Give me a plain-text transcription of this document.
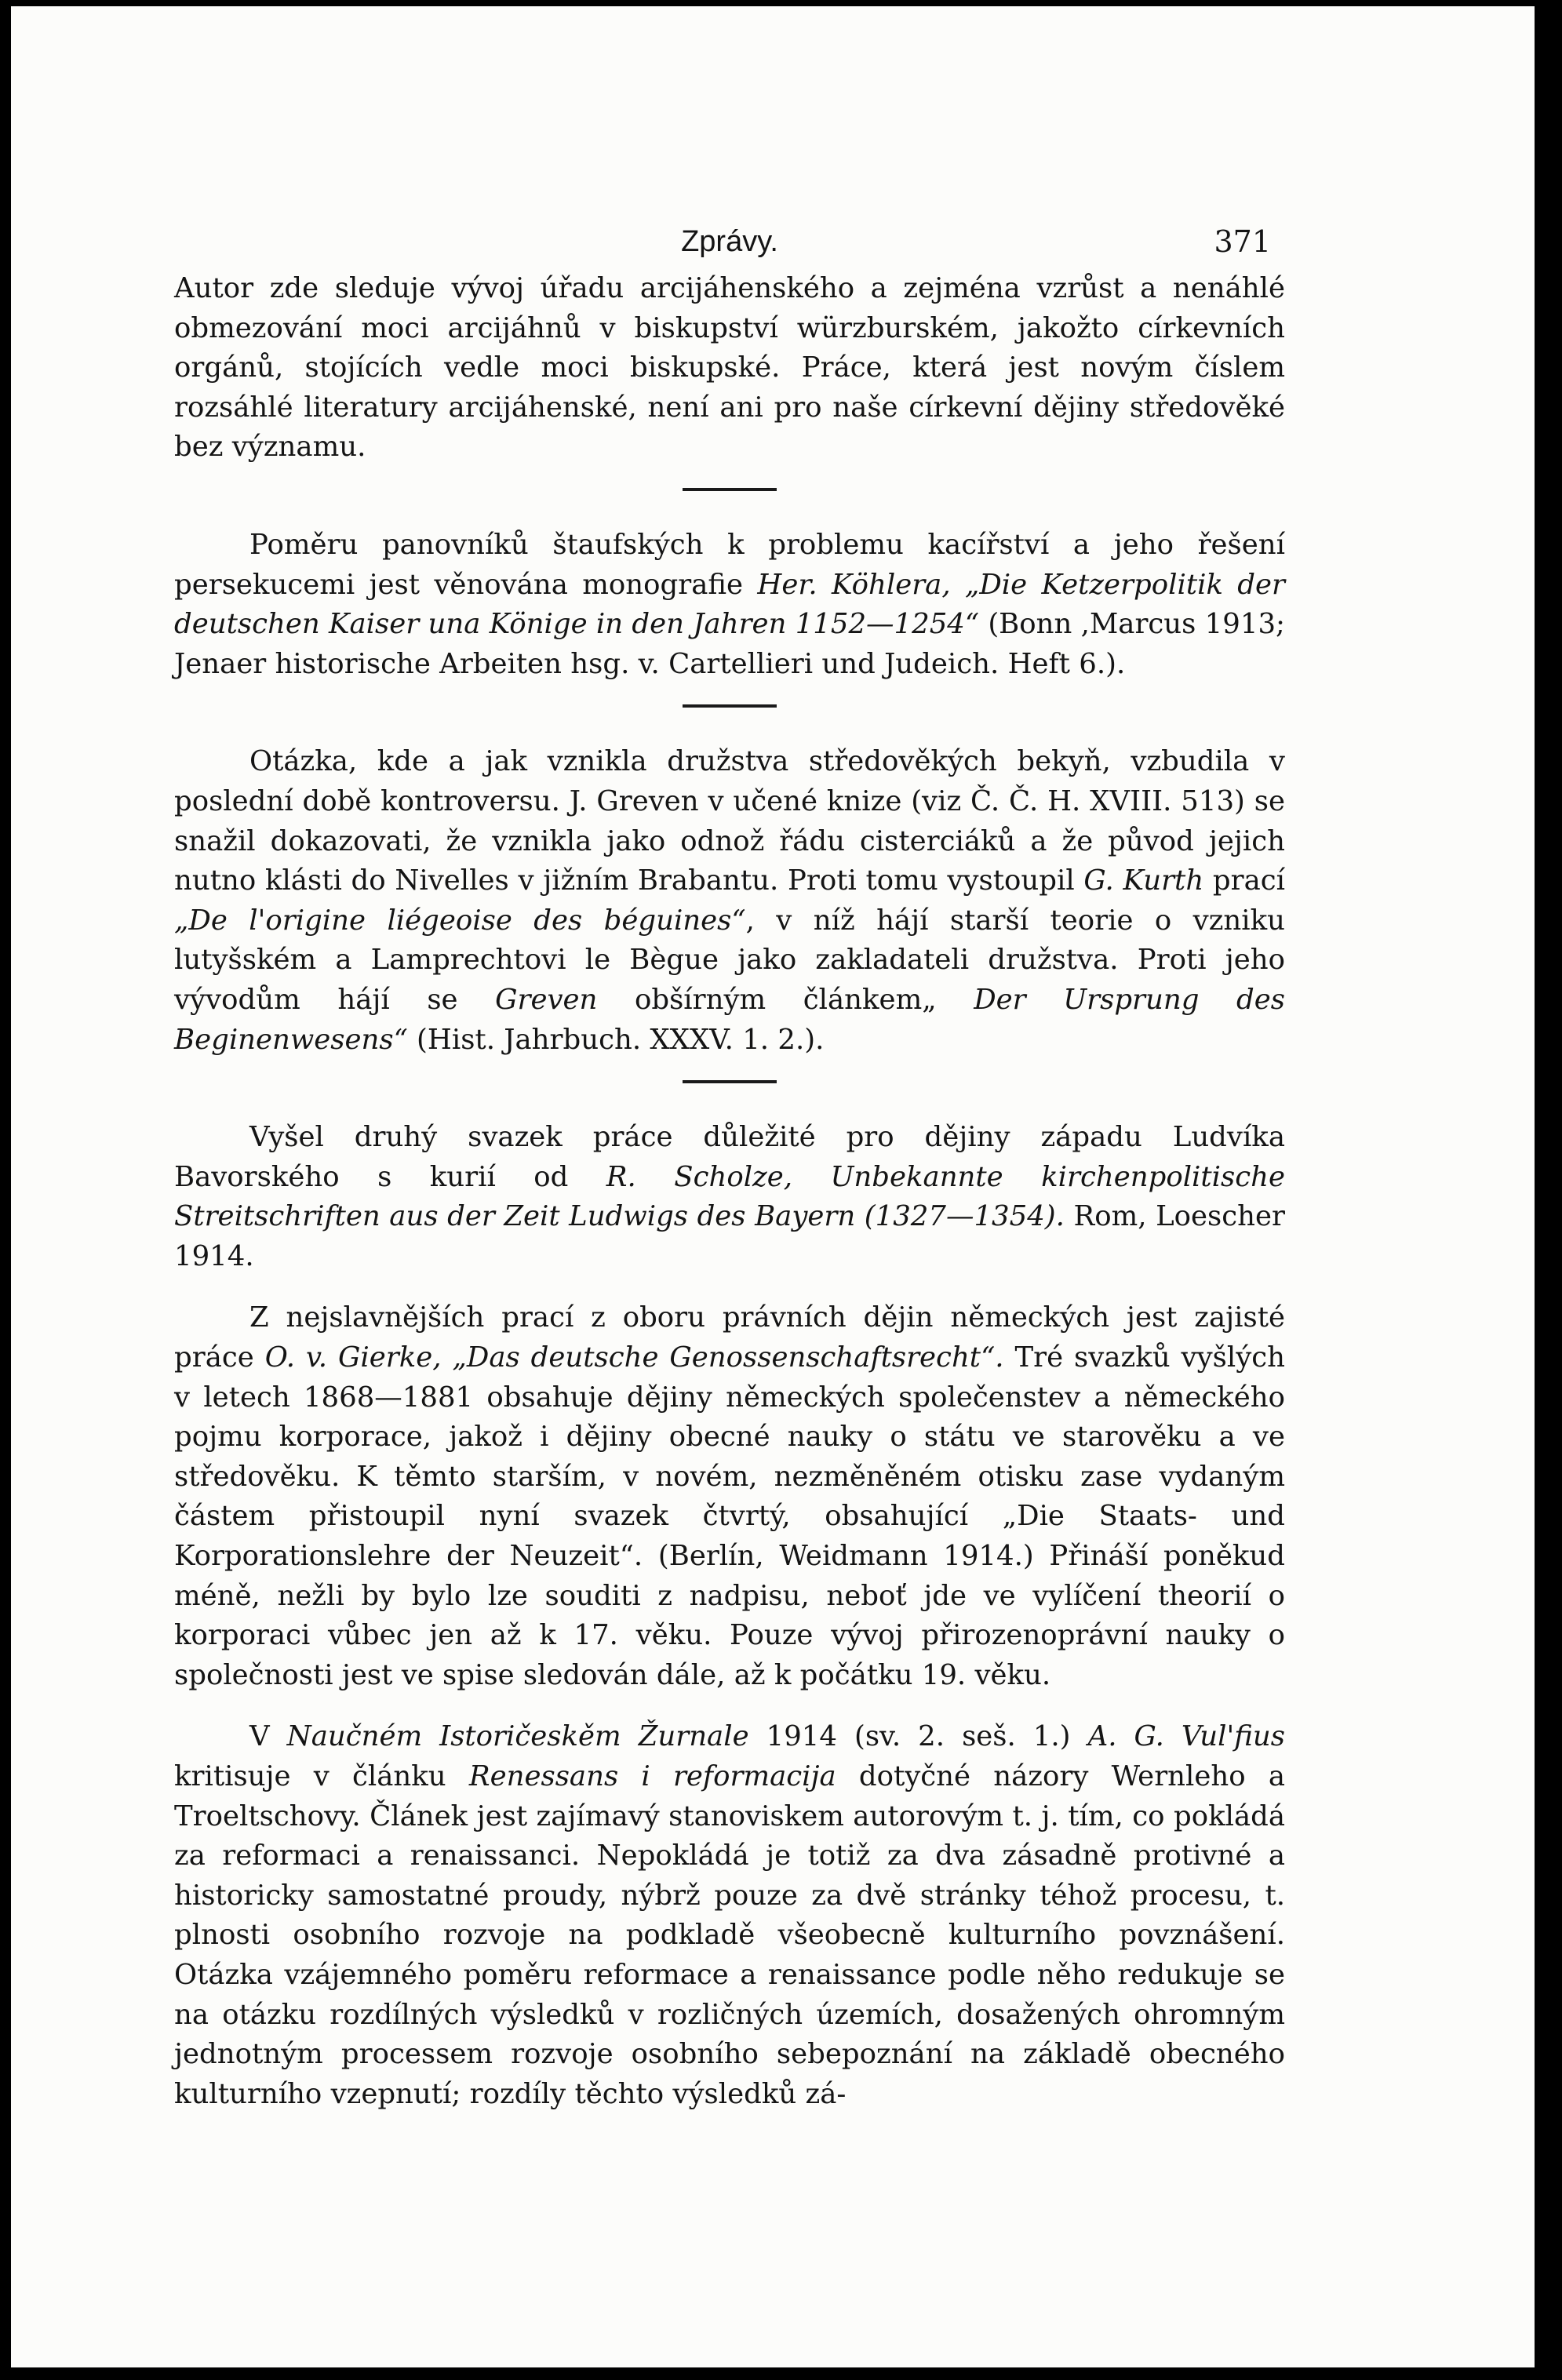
Zprávy.	371

Autor zde sleduje vývoj úřadu arcijáhenského a zejména vzrůst a nenáhlé obmezování moci arcijáhnů v biskupství würzburském, jakožto církevních orgánů, stojících vedle moci biskupské. Práce, která jest novým číslem rozsáhlé literatury arcijáhenské, není ani pro naše církevní dějiny středověké bez významu.

Poměru panovníků štaufských k problemu kacířství a jeho řešení persekucemi jest věnována monografie Her. Köhlera, „Die Ketzerpolitik der deutschen Kaiser una Könige in den Jahren 1152—1254“ (Bonn ,Marcus 1913; Jenaer historische Arbeiten hsg. v. Cartellieri und Judeich. Heft 6.).

Otázka, kde a jak vznikla družstva středověkých bekyň, vzbudila v poslední době kontroversu. J. Greven v učené knize (viz Č. Č. H. XVIII. 513) se snažil dokazovati, že vznikla jako odnož řádu cisterciáků a že původ jejich nutno klásti do Nivelles v jižním Brabantu. Proti tomu vystoupil G. Kurth prací „De l'origine liégeoise des béguines“, v níž hájí starší teorie o vzniku lutyšském a Lamprechtovi le Bègue jako zakladateli družstva. Proti jeho vývodům hájí se Greven obšírným článkem„ Der Ursprung des Beginenwesens“ (Hist. Jahrbuch. XXXV. 1. 2.).

Vyšel druhý svazek práce důležité pro dějiny západu Ludvíka Bavorského s kurií od R. Scholze, Unbekannte kirchenpolitische Streitschriften aus der Zeit Ludwigs des Bayern (1327—1354). Rom, Loescher 1914.

Z nejslavnějších prací z oboru právních dějin německých jest zajisté práce O. v. Gierke, „Das deutsche Genossenschaftsrecht“. Tré svazků vyšlých v letech 1868—1881 obsahuje dějiny německých společenstev a německého pojmu korporace, jakož i dějiny obecné nauky o státu ve starověku a ve středověku. K těmto starším, v novém, nezměněném otisku zase vydaným částem přistoupil nyní svazek čtvrtý, obsahující „Die Staats- und Korporationslehre der Neuzeit“. (Berlín, Weidmann 1914.) Přináší poněkud méně, nežli by bylo lze souditi z nadpisu, neboť jde ve vylíčení theorií o korporaci vůbec jen až k 17. věku. Pouze vývoj přirozenoprávní nauky o společnosti jest ve spise sledován dále, až k počátku 19. věku.

V Naučném Istoričeskěm Žurnale 1914 (sv. 2. seš. 1.) A. G. Vul'fius kritisuje v článku Renessans i reformacija dotyčné názory Wernleho a Troeltschovy. Článek jest zajímavý stanoviskem autorovým t. j. tím, co pokládá za reformaci a renaissanci. Nepokládá je totiž za dva zásadně protivné a historicky samostatné proudy, nýbrž pouze za dvě stránky téhož procesu, t. plnosti osobního rozvoje na podkladě všeobecně kulturního povznášení. Otázka vzájemného poměru reformace a renaissance podle něho redukuje se na otázku rozdílných výsledků v rozličných územích, dosažených ohromným jednotným processem rozvoje osobního sebepoznání na základě obecného kulturního vzepnutí; rozdíly těchto výsledků zá-
